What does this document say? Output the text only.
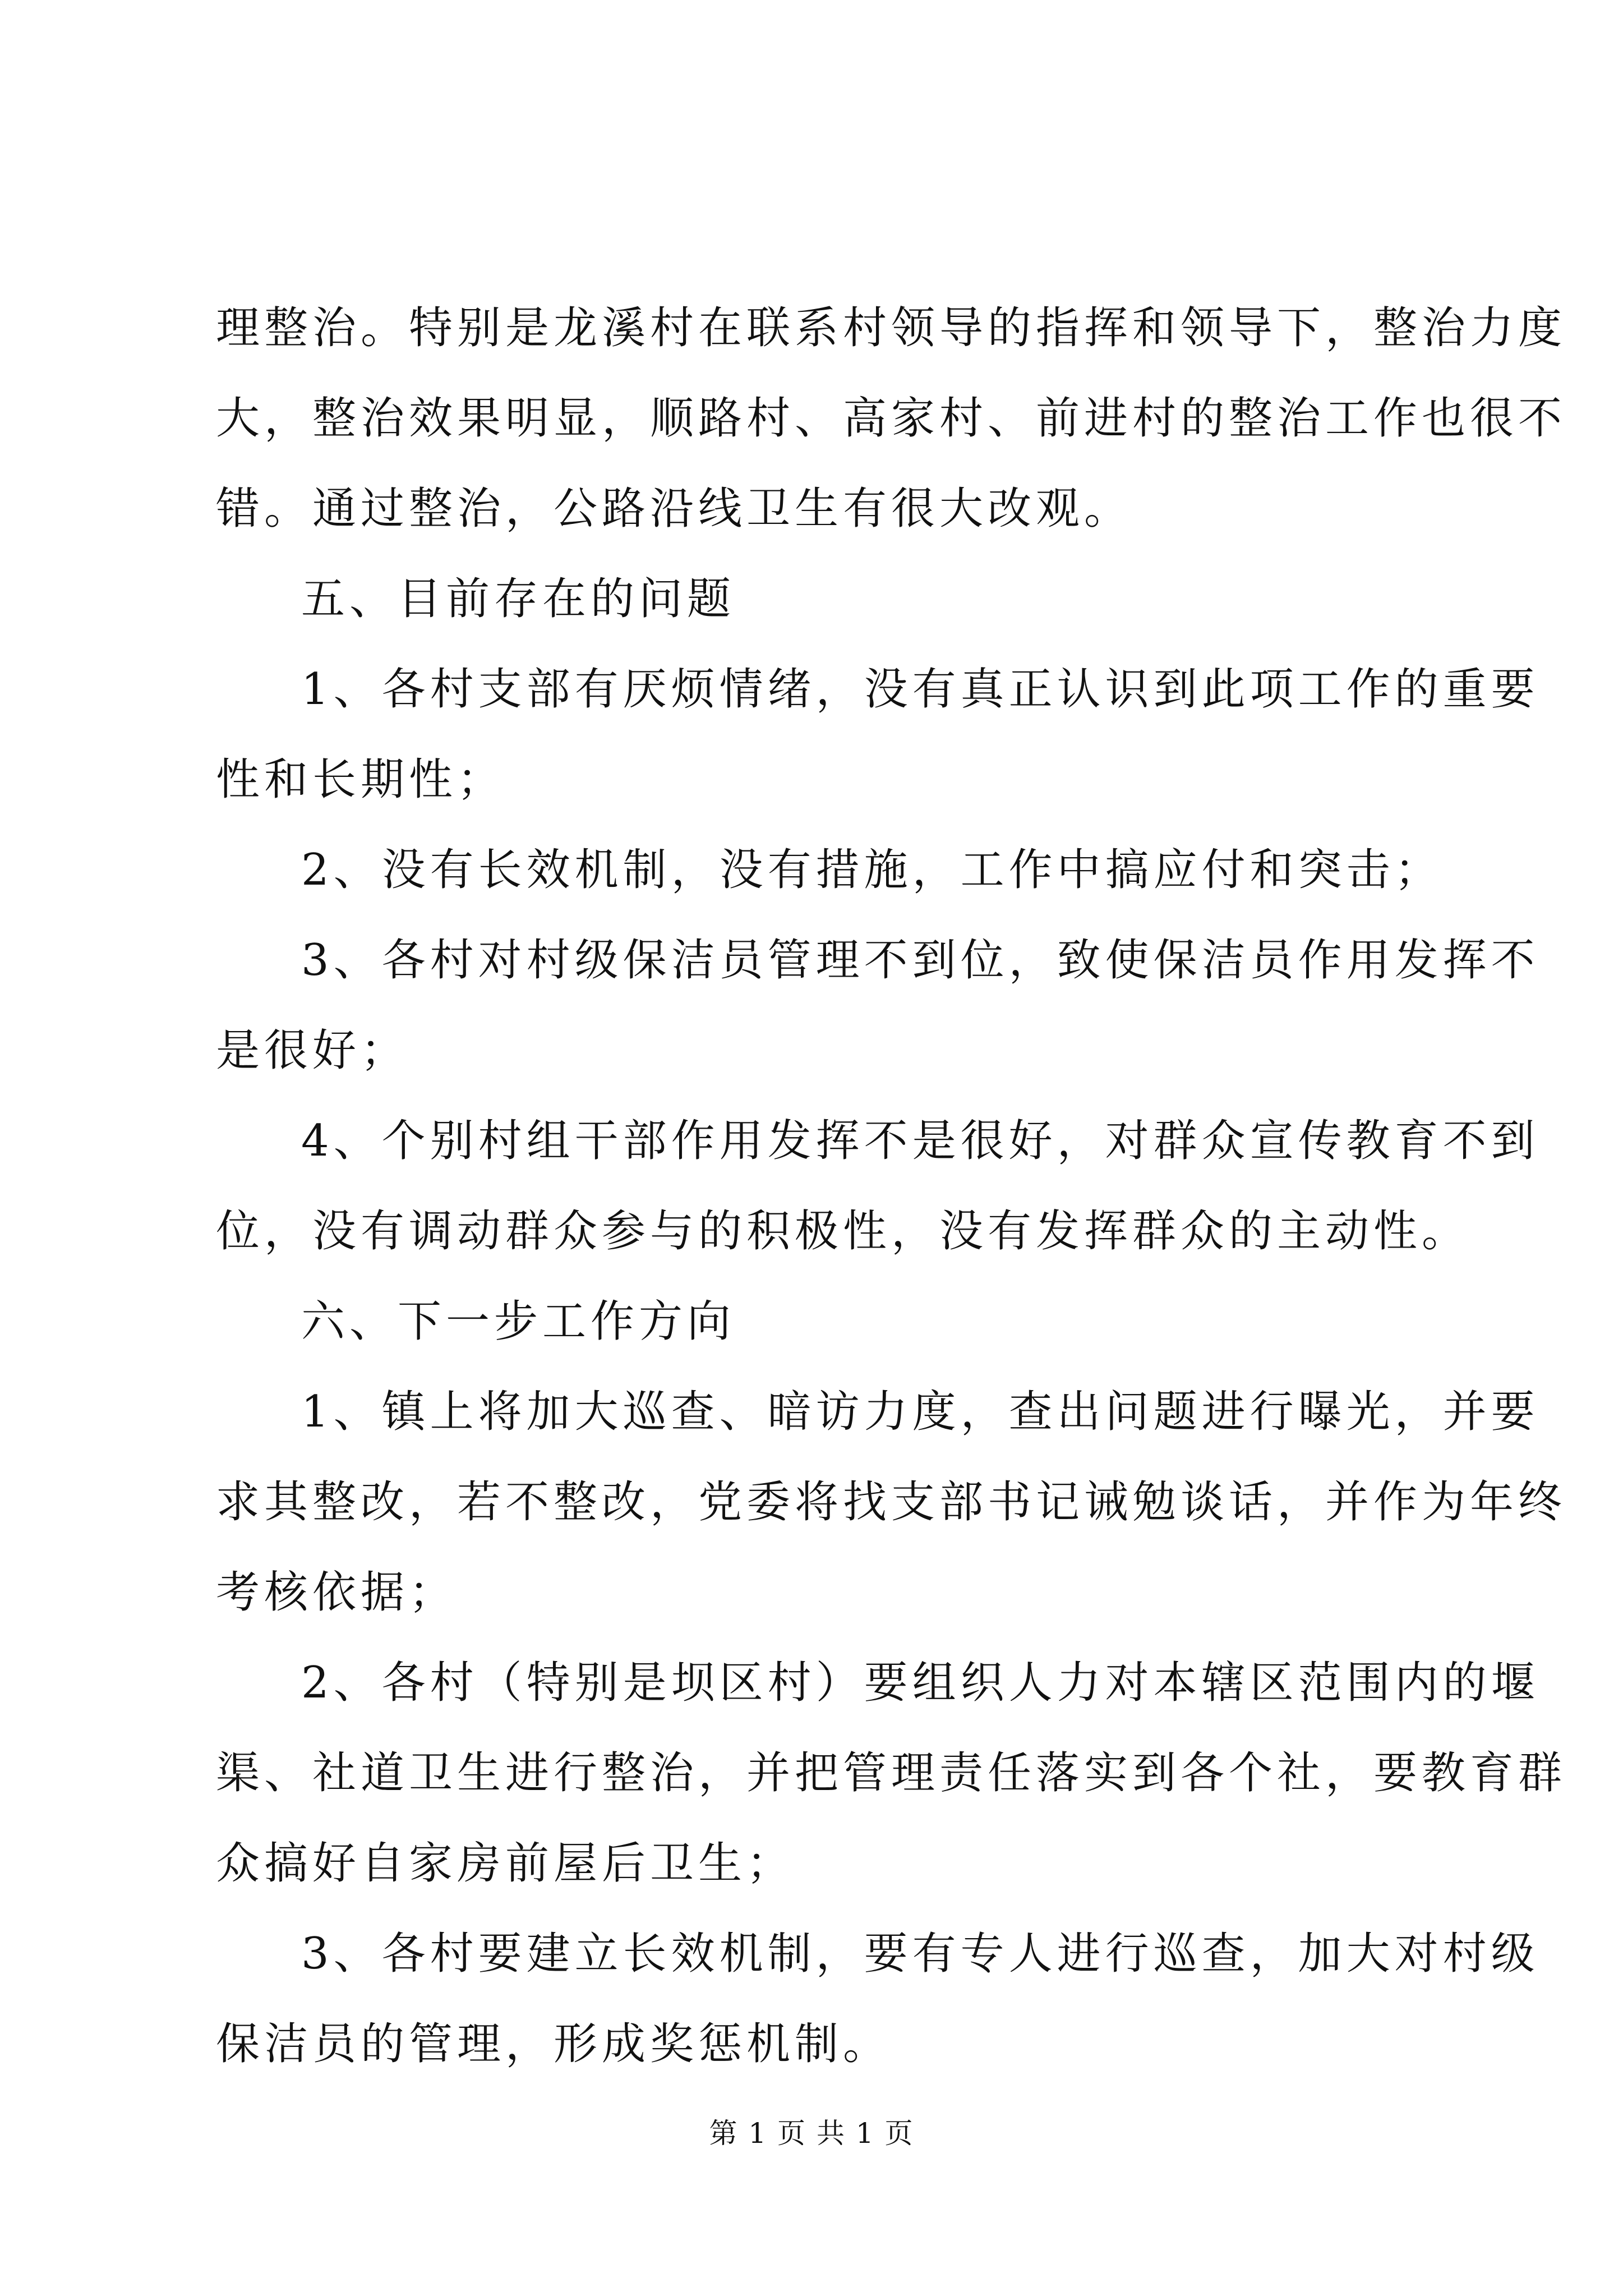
理整治。特别是龙溪村在联系村领导的指挥和领导下，整治力度
大，整治效果明显，顺路村、高家村、前进村的整治工作也很不
错。通过整治，公路沿线卫生有很大改观。
五、目前存在的问题
1、各村支部有厌烦情绪，没有真正认识到此项工作的重要
性和长期性；
2、没有长效机制，没有措施，工作中搞应付和突击；
3、各村对村级保洁员管理不到位，致使保洁员作用发挥不
是很好；
4、个别村组干部作用发挥不是很好，对群众宣传教育不到
位，没有调动群众参与的积极性，没有发挥群众的主动性。
六、下一步工作方向
1、镇上将加大巡查、暗访力度，查出问题进行曝光，并要
求其整改，若不整改，党委将找支部书记诫勉谈话，并作为年终
考核依据；
2、各村（特别是坝区村）要组织人力对本辖区范围内的堰
渠、社道卫生进行整治，并把管理责任落实到各个社，要教育群
众搞好自家房前屋后卫生；
3、各村要建立长效机制，要有专人进行巡查，加大对村级
保洁员的管理，形成奖惩机制。
第 1 页 共 1 页
